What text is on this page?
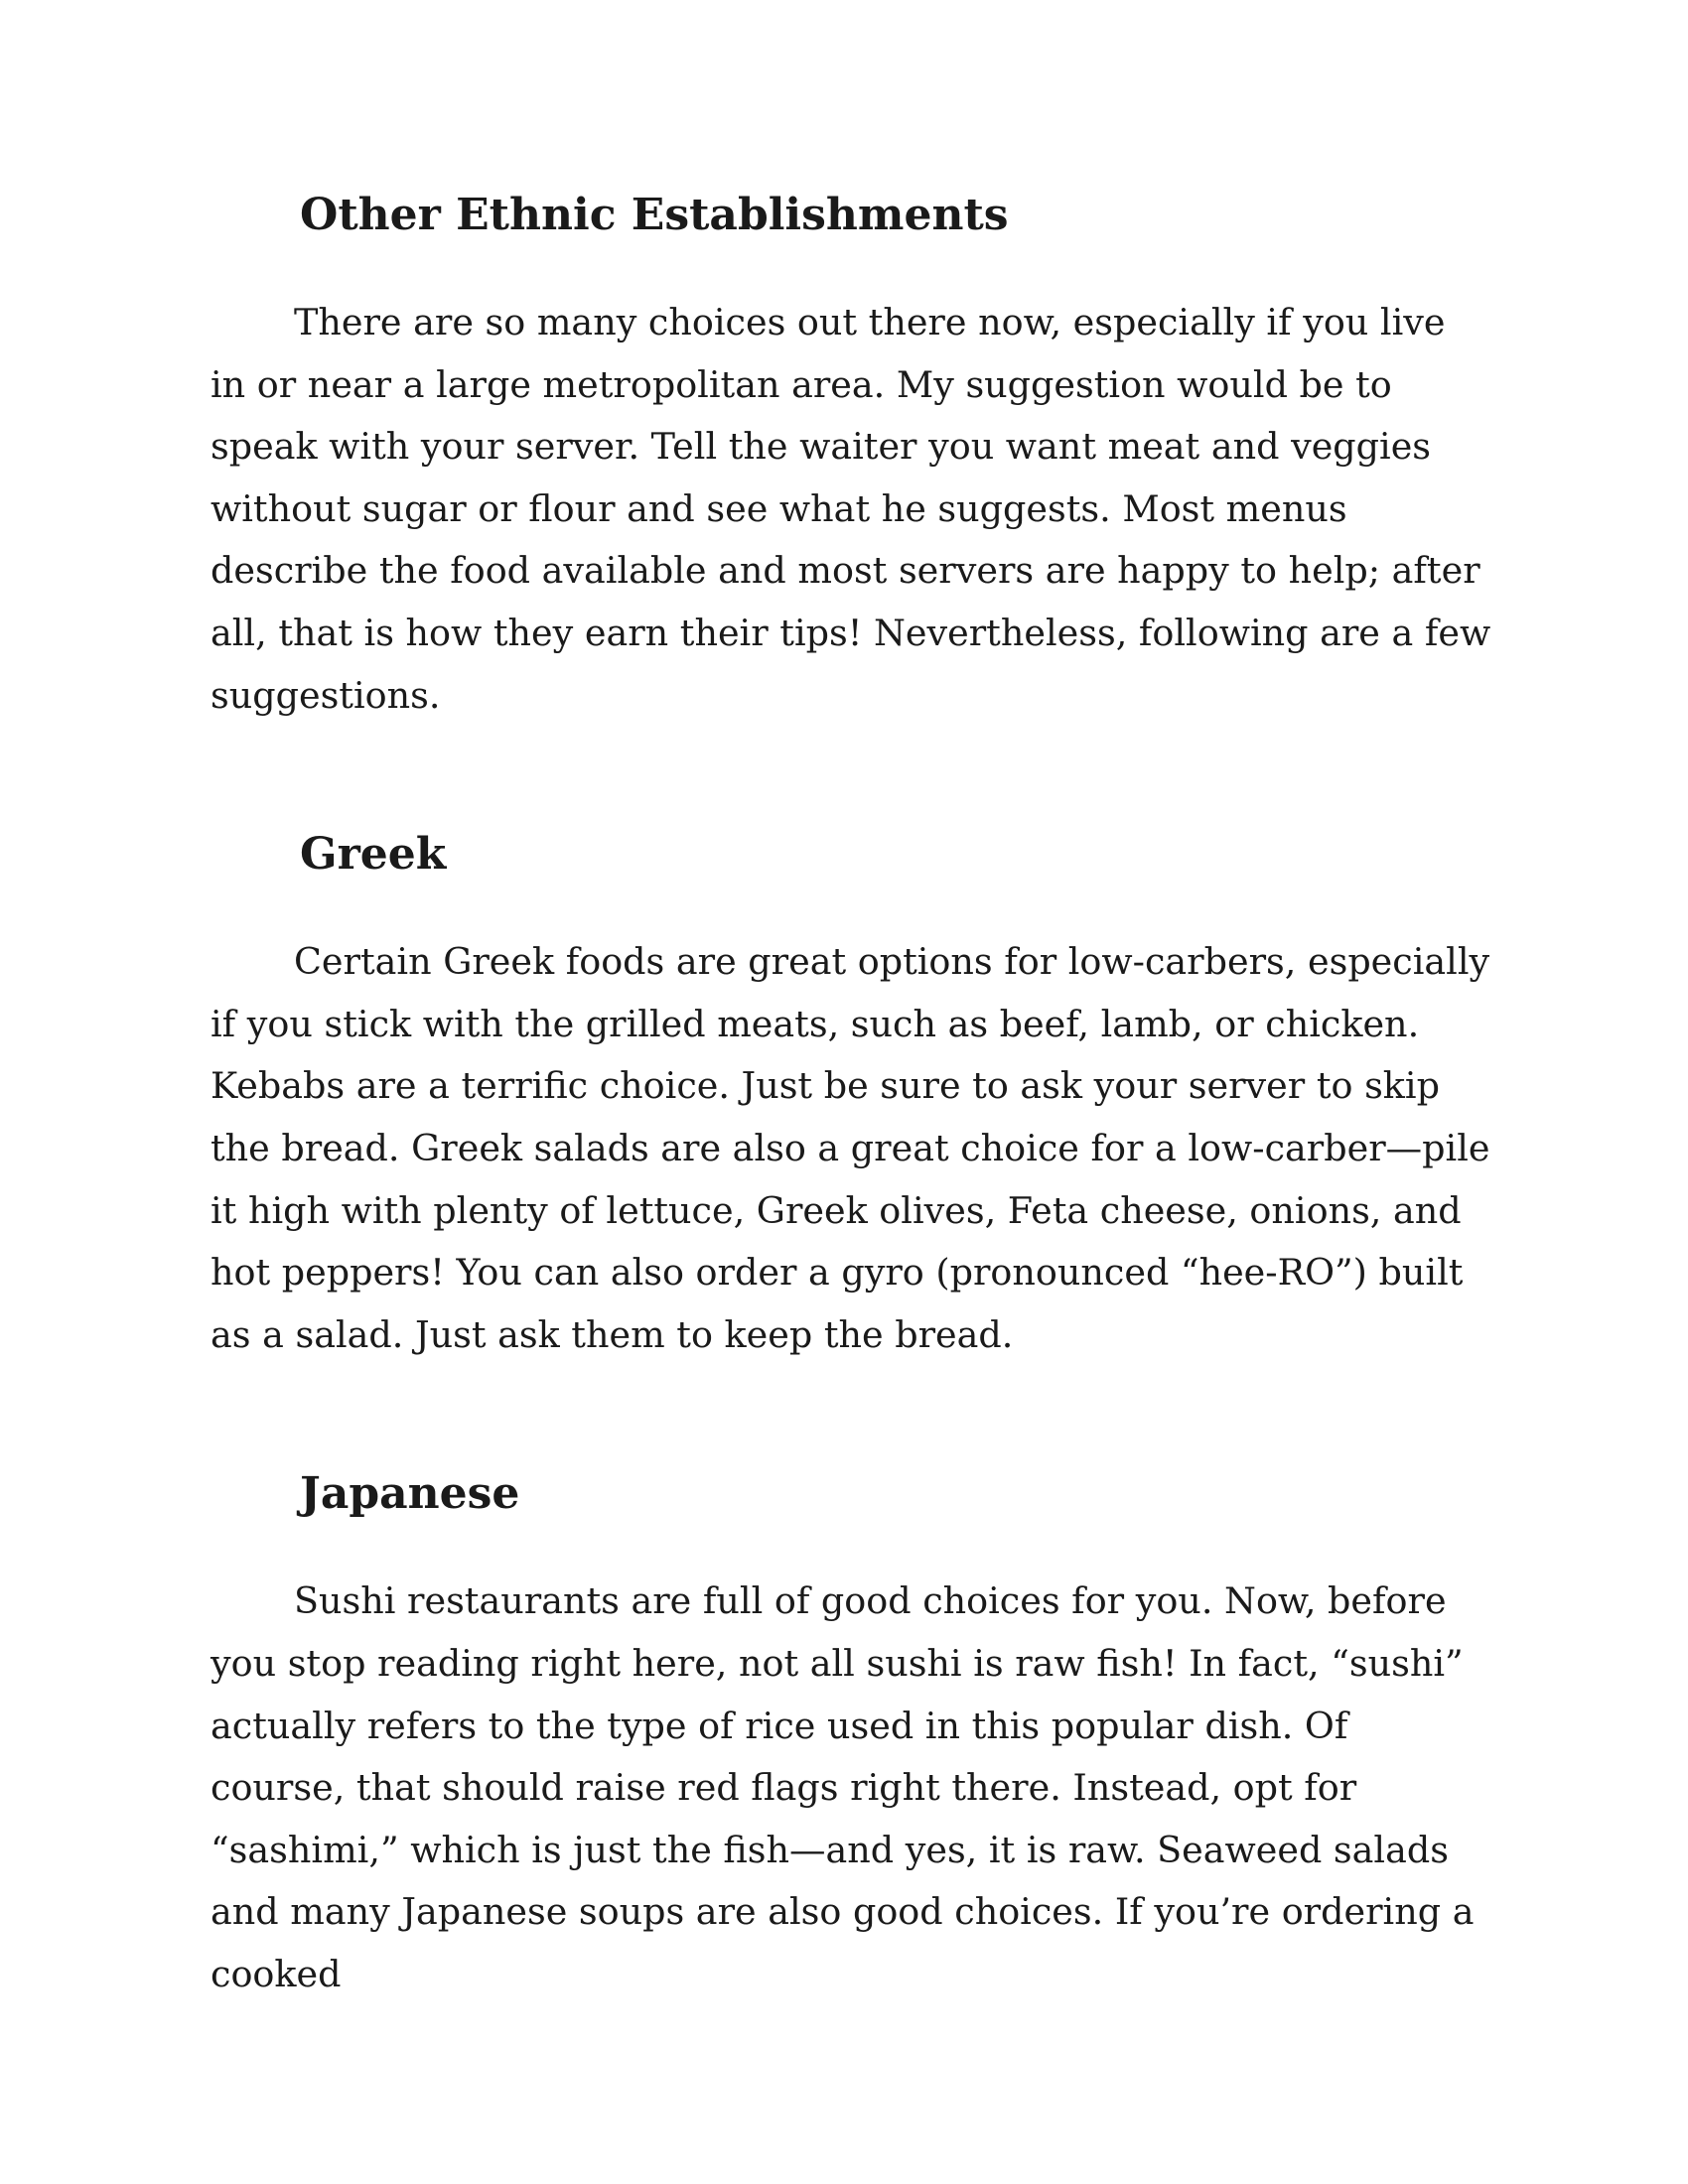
Other Ethnic Establishments

There are so many choices out there now, especially if you live in or near a large metropolitan area. My suggestion would be to speak with your server. Tell the waiter you want meat and veggies without sugar or flour and see what he suggests. Most menus describe the food available and most servers are happy to help; after all, that is how they earn their tips! Nevertheless, following are a few suggestions.

Greek

Certain Greek foods are great options for low-carbers, especially if you stick with the grilled meats, such as beef, lamb, or chicken. Kebabs are a terrific choice. Just be sure to ask your server to skip the bread. Greek salads are also a great choice for a low-carber—pile it high with plenty of lettuce, Greek olives, Feta cheese, onions, and hot peppers! You can also order a gyro (pronounced “hee-RO”) built as a salad. Just ask them to keep the bread.

Japanese

Sushi restaurants are full of good choices for you. Now, before you stop reading right here, not all sushi is raw fish! In fact, “sushi” actually refers to the type of rice used in this popular dish. Of course, that should raise red flags right there. Instead, opt for “sashimi,” which is just the fish—and yes, it is raw. Seaweed salads and many Japanese soups are also good choices. If you’re ordering a cooked
